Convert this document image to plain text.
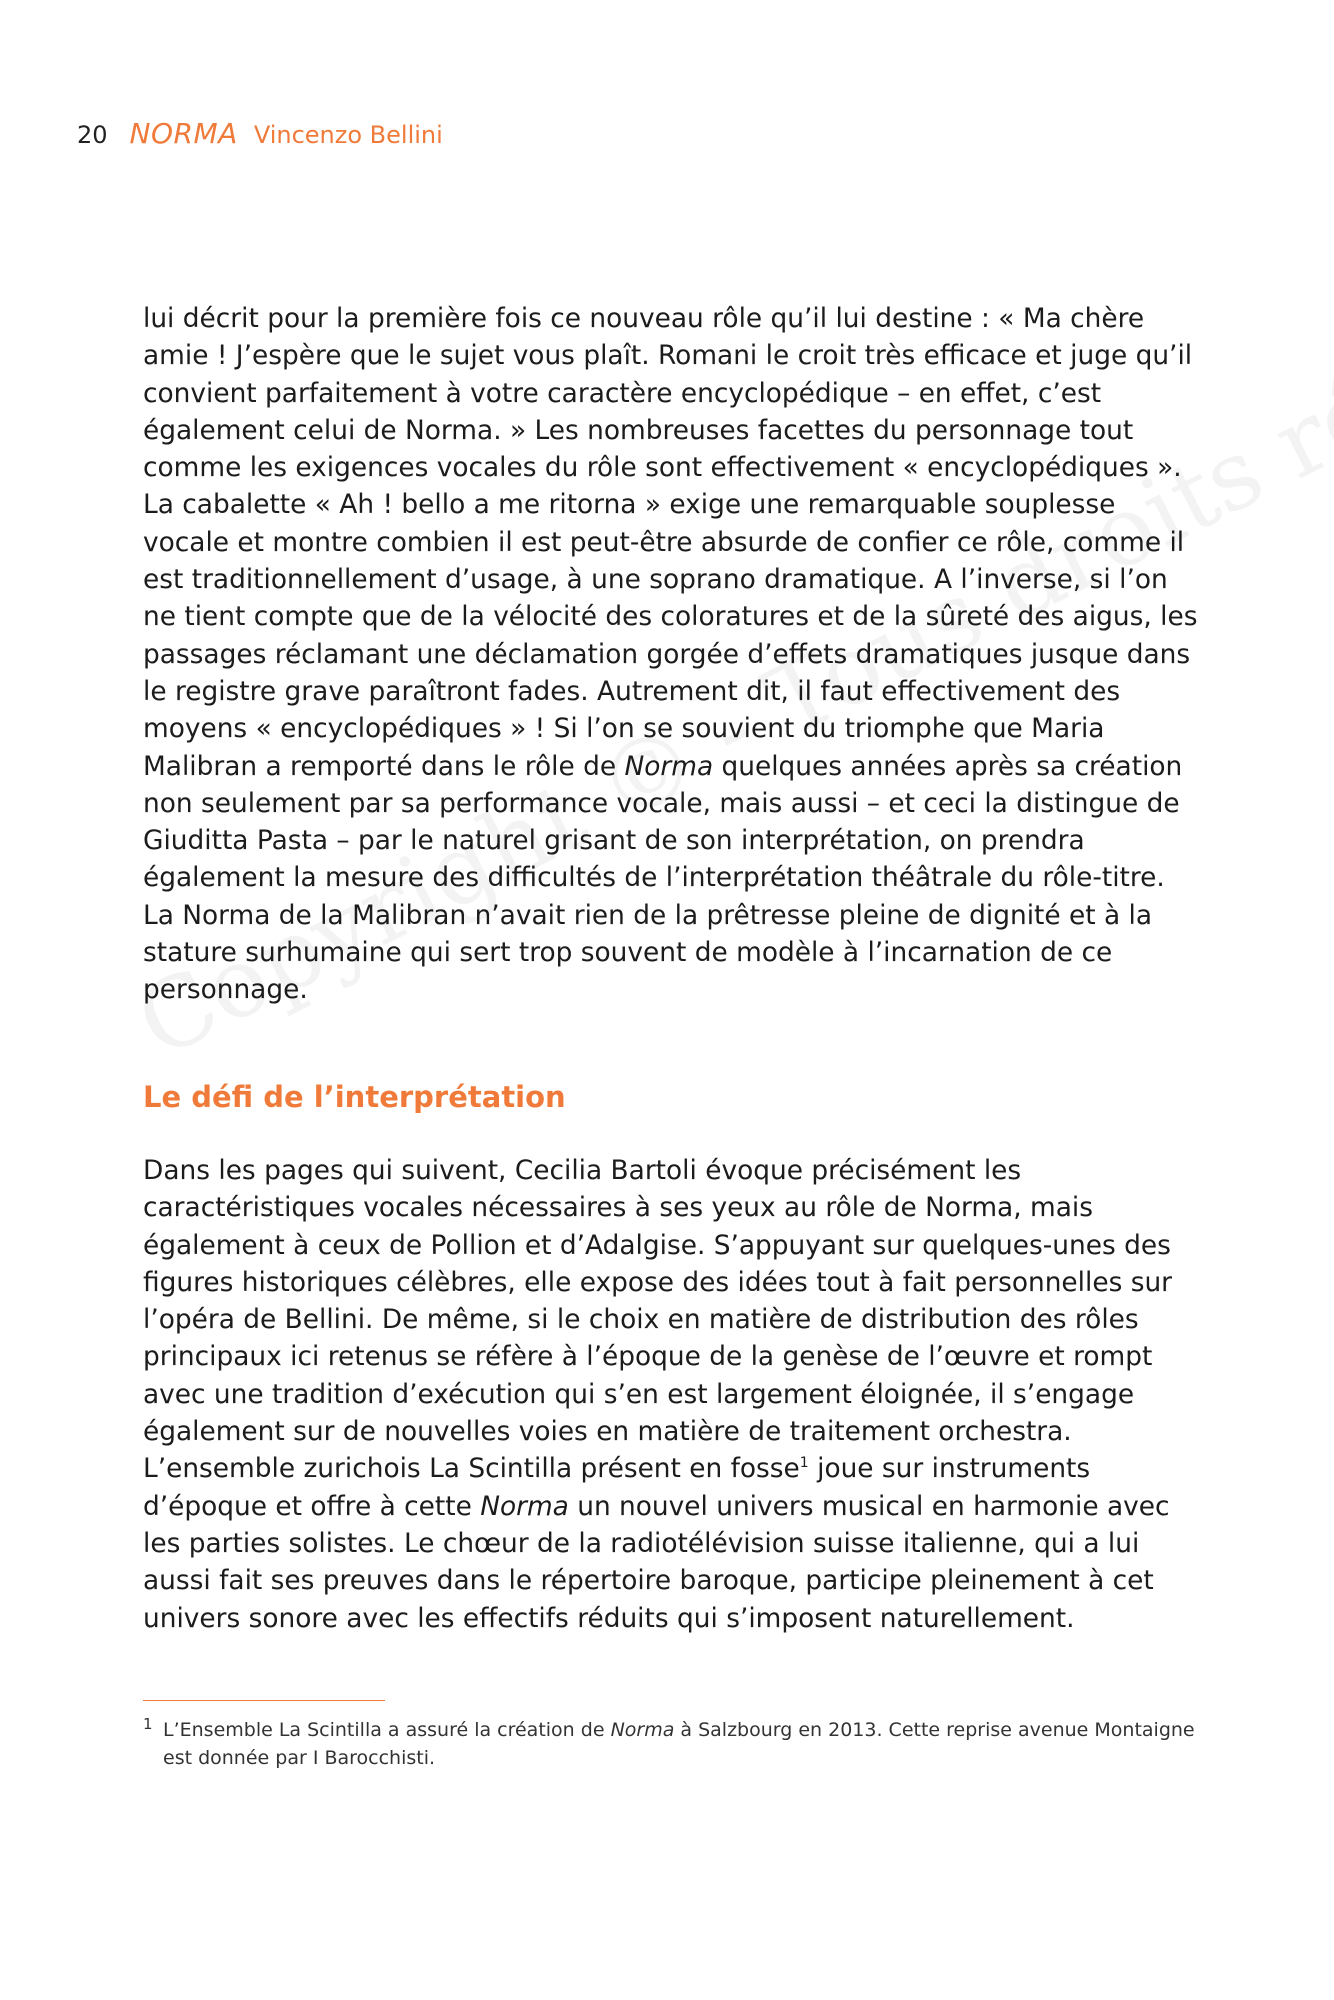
20 NORMA Vincenzo Bellini

lui décrit pour la première fois ce nouveau rôle qu’il lui destine : « Ma chère amie ! J’espère que le sujet vous plaît. Romani le croit très efficace et juge qu’il convient parfaitement à votre caractère encyclopédique – en effet, c’est également celui de Norma. » Les nombreuses facettes du personnage tout comme les exigences vocales du rôle sont effectivement « encyclopédiques ». La cabalette « Ah ! bello a me ritorna » exige une remarquable souplesse vocale et montre combien il est peut-être absurde de confier ce rôle, comme il est traditionnellement d’usage, à une soprano dramatique. A l’inverse, si l’on ne tient compte que de la vélocité des coloratures et de la sûreté des aigus, les passages réclamant une déclamation gorgée d’effets dramatiques jusque dans le registre grave paraîtront fades. Autrement dit, il faut effectivement des moyens « encyclopédiques » ! Si l’on se souvient du triomphe que Maria Malibran a remporté dans le rôle de Norma quelques années après sa création non seulement par sa performance vocale, mais aussi – et ceci la distingue de Giuditta Pasta – par le naturel grisant de son interprétation, on prendra également la mesure des difficultés de l’interprétation théâtrale du rôle-titre. La Norma de la Malibran n’avait rien de la prêtresse pleine de dignité et à la stature surhumaine qui sert trop souvent de modèle à l’incarnation de ce personnage.

Le défi de l’interprétation

Dans les pages qui suivent, Cecilia Bartoli évoque précisément les caractéristiques vocales nécessaires à ses yeux au rôle de Norma, mais également à ceux de Pollion et d’Adalgise. S’appuyant sur quelques-unes des figures historiques célèbres, elle expose des idées tout à fait personnelles sur l’opéra de Bellini. De même, si le choix en matière de distribution des rôles principaux ici retenus se réfère à l’époque de la genèse de l’œuvre et rompt avec une tradition d’exécution qui s’en est largement éloignée, il s’engage également sur de nouvelles voies en matière de traitement orchestra. L’ensemble zurichois La Scintilla présent en fosse$^1$ joue sur instruments d’époque et offre à cette Norma un nouvel univers musical en harmonie avec les parties solistes. Le chœur de la radiotélévision suisse italienne, qui a lui aussi fait ses preuves dans le répertoire baroque, participe pleinement à cet univers sonore avec les effectifs réduits qui s’imposent naturellement.

1 L’Ensemble La Scintilla a assuré la création de Norma à Salzbourg en 2013. Cette reprise avenue Montaigne est donnée par I Barocchisti.
